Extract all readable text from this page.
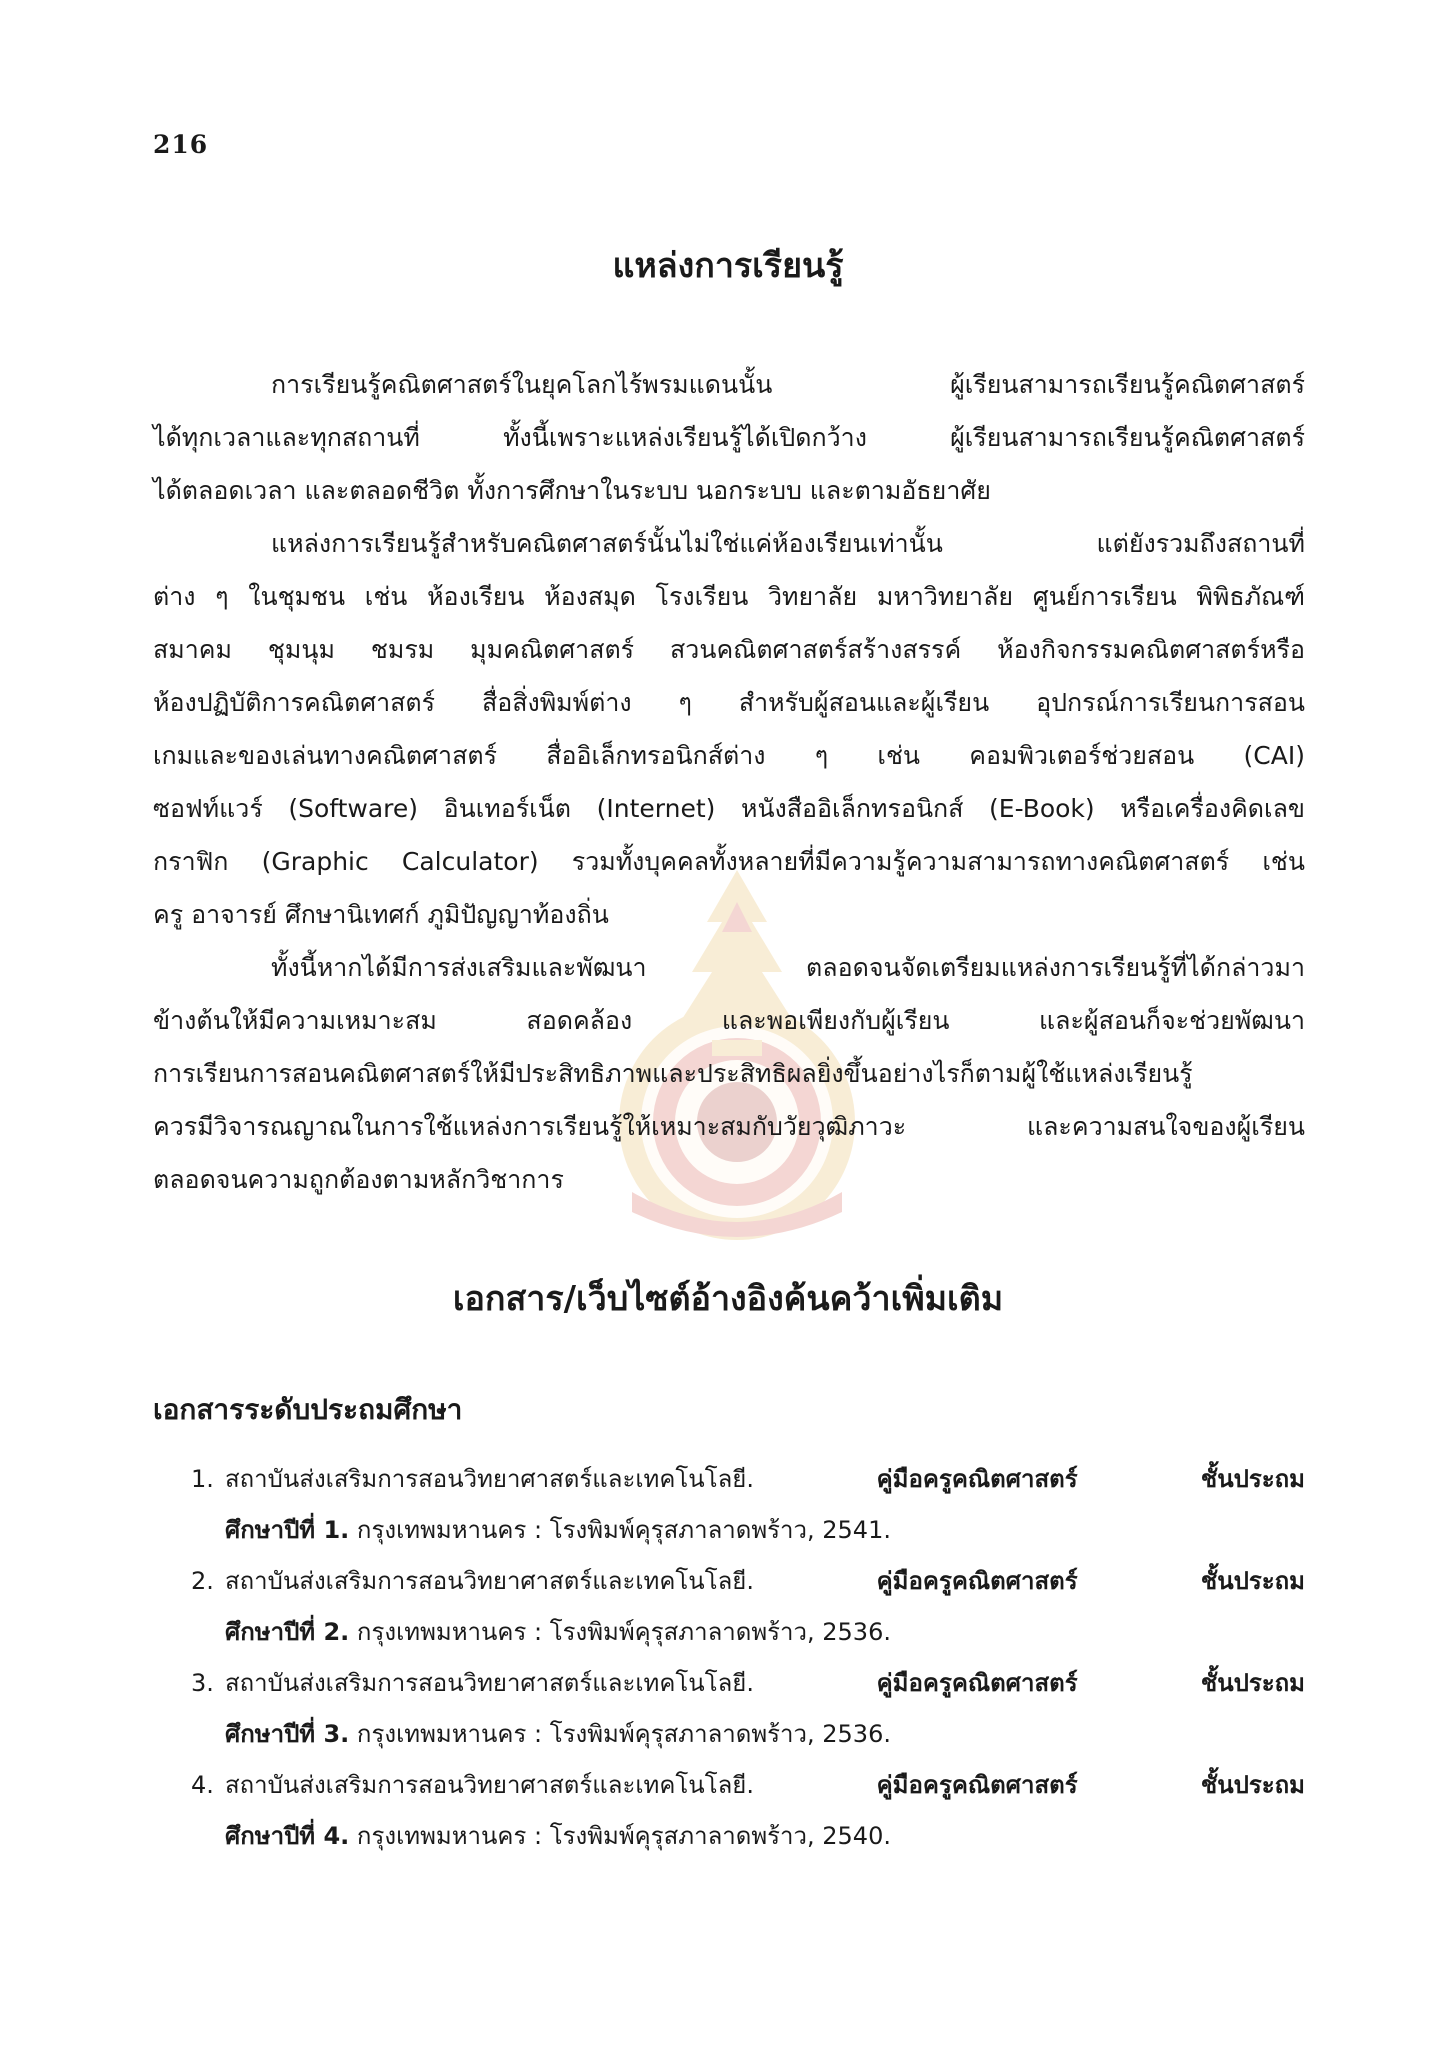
216
แหล่งการเรียนรู้
การเรียนรู้คณิตศาสตร์ในยุคโลกไร้พรมแดนนั้น ผู้เรียนสามารถเรียนรู้คณิตศาสตร์
ได้ทุกเวลาและทุกสถานที่ ทั้งนี้เพราะแหล่งเรียนรู้ได้เปิดกว้าง ผู้เรียนสามารถเรียนรู้คณิตศาสตร์
ได้ตลอดเวลา และตลอดชีวิต ทั้งการศึกษาในระบบ นอกระบบ และตามอัธยาศัย
แหล่งการเรียนรู้สำหรับคณิตศาสตร์นั้นไม่ใช่แค่ห้องเรียนเท่านั้น แต่ยังรวมถึงสถานที่
ต่าง ๆ ในชุมชน เช่น ห้องเรียน ห้องสมุด โรงเรียน วิทยาลัย มหาวิทยาลัย ศูนย์การเรียน พิพิธภัณฑ์
สมาคม ชุมนุม ชมรม มุมคณิตศาสตร์ สวนคณิตศาสตร์สร้างสรรค์ ห้องกิจกรรมคณิตศาสตร์หรือ
ห้องปฏิบัติการคณิตศาสตร์ สื่อสิ่งพิมพ์ต่าง ๆ สำหรับผู้สอนและผู้เรียน อุปกรณ์การเรียนการสอน
เกมและของเล่นทางคณิตศาสตร์ สื่ออิเล็กทรอนิกส์ต่าง ๆ เช่น คอมพิวเตอร์ช่วยสอน (CAI)
ซอฟท์แวร์ (Software) อินเทอร์เน็ต (Internet) หนังสืออิเล็กทรอนิกส์ (E-Book) หรือเครื่องคิดเลข
กราฟิก (Graphic Calculator) รวมทั้งบุคคลทั้งหลายที่มีความรู้ความสามารถทางคณิตศาสตร์ เช่น
ครู อาจารย์ ศึกษานิเทศก์ ภูมิปัญญาท้องถิ่น
ทั้งนี้หากได้มีการส่งเสริมและพัฒนา ตลอดจนจัดเตรียมแหล่งการเรียนรู้ที่ได้กล่าวมา
ข้างต้นให้มีความเหมาะสม สอดคล้อง และพอเพียงกับผู้เรียน และผู้สอนก็จะช่วยพัฒนา
การเรียนการสอนคณิตศาสตร์ให้มีประสิทธิภาพและประสิทธิผลยิ่งขึ้นอย่างไรก็ตามผู้ใช้แหล่งเรียนรู้
ควรมีวิจารณญาณในการใช้แหล่งการเรียนรู้ให้เหมาะสมกับวัยวุฒิภาวะ และความสนใจของผู้เรียน
ตลอดจนความถูกต้องตามหลักวิชาการ
เอกสาร/เว็บไซต์อ้างอิงค้นคว้าเพิ่มเติม
เอกสารระดับประถมศึกษา
1. สถาบันส่งเสริมการสอนวิทยาศาสตร์และเทคโนโลยี.	คู่มือครูคณิตศาสตร์ ชั้นประถม
ศึกษาปีที่ 1. กรุงเทพมหานคร : โรงพิมพ์คุรุสภาลาดพร้าว, 2541.
2. สถาบันส่งเสริมการสอนวิทยาศาสตร์และเทคโนโลยี.	คู่มือครูคณิตศาสตร์ ชั้นประถม
ศึกษาปีที่ 2. กรุงเทพมหานคร : โรงพิมพ์คุรุสภาลาดพร้าว, 2536.
3. สถาบันส่งเสริมการสอนวิทยาศาสตร์และเทคโนโลยี.	คู่มือครูคณิตศาสตร์ ชั้นประถม
ศึกษาปีที่ 3. กรุงเทพมหานคร : โรงพิมพ์คุรุสภาลาดพร้าว, 2536.
4. สถาบันส่งเสริมการสอนวิทยาศาสตร์และเทคโนโลยี.	คู่มือครูคณิตศาสตร์ ชั้นประถม
ศึกษาปีที่ 4. กรุงเทพมหานคร : โรงพิมพ์คุรุสภาลาดพร้าว, 2540.
